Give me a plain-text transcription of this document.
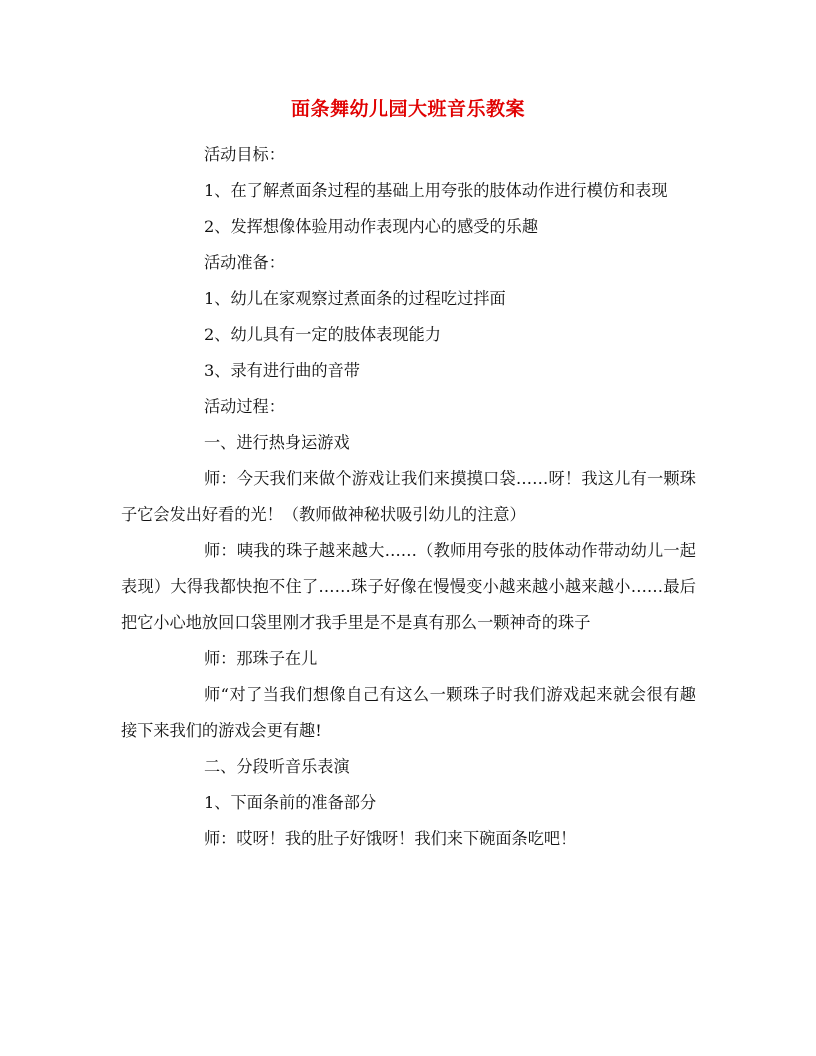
面条舞幼儿园大班音乐教案

活动目标：

1、在了解煮面条过程的基础上用夸张的肢体动作进行模仿和表现

2、发挥想像体验用动作表现内心的感受的乐趣

活动准备：

1、幼儿在家观察过煮面条的过程吃过拌面

2、幼儿具有一定的肢体表现能力

3、录有进行曲的音带

活动过程：

一、进行热身运游戏

师：今天我们来做个游戏让我们来摸摸口袋……呀！我这儿有一颗珠子它会发出好看的光！（教师做神秘状吸引幼儿的注意）

师：咦我的珠子越来越大……（教师用夸张的肢体动作带动幼儿一起表现）大得我都快抱不住了……珠子好像在慢慢变小越来越小越来越小……最后把它小心地放回口袋里刚才我手里是不是真有那么一颗神奇的珠子

师：那珠子在儿

师“对了当我们想像自己有这么一颗珠子时我们游戏起来就会很有趣接下来我们的游戏会更有趣!

二、分段听音乐表演

1、下面条前的准备部分

师：哎呀！我的肚子好饿呀！我们来下碗面条吃吧！
